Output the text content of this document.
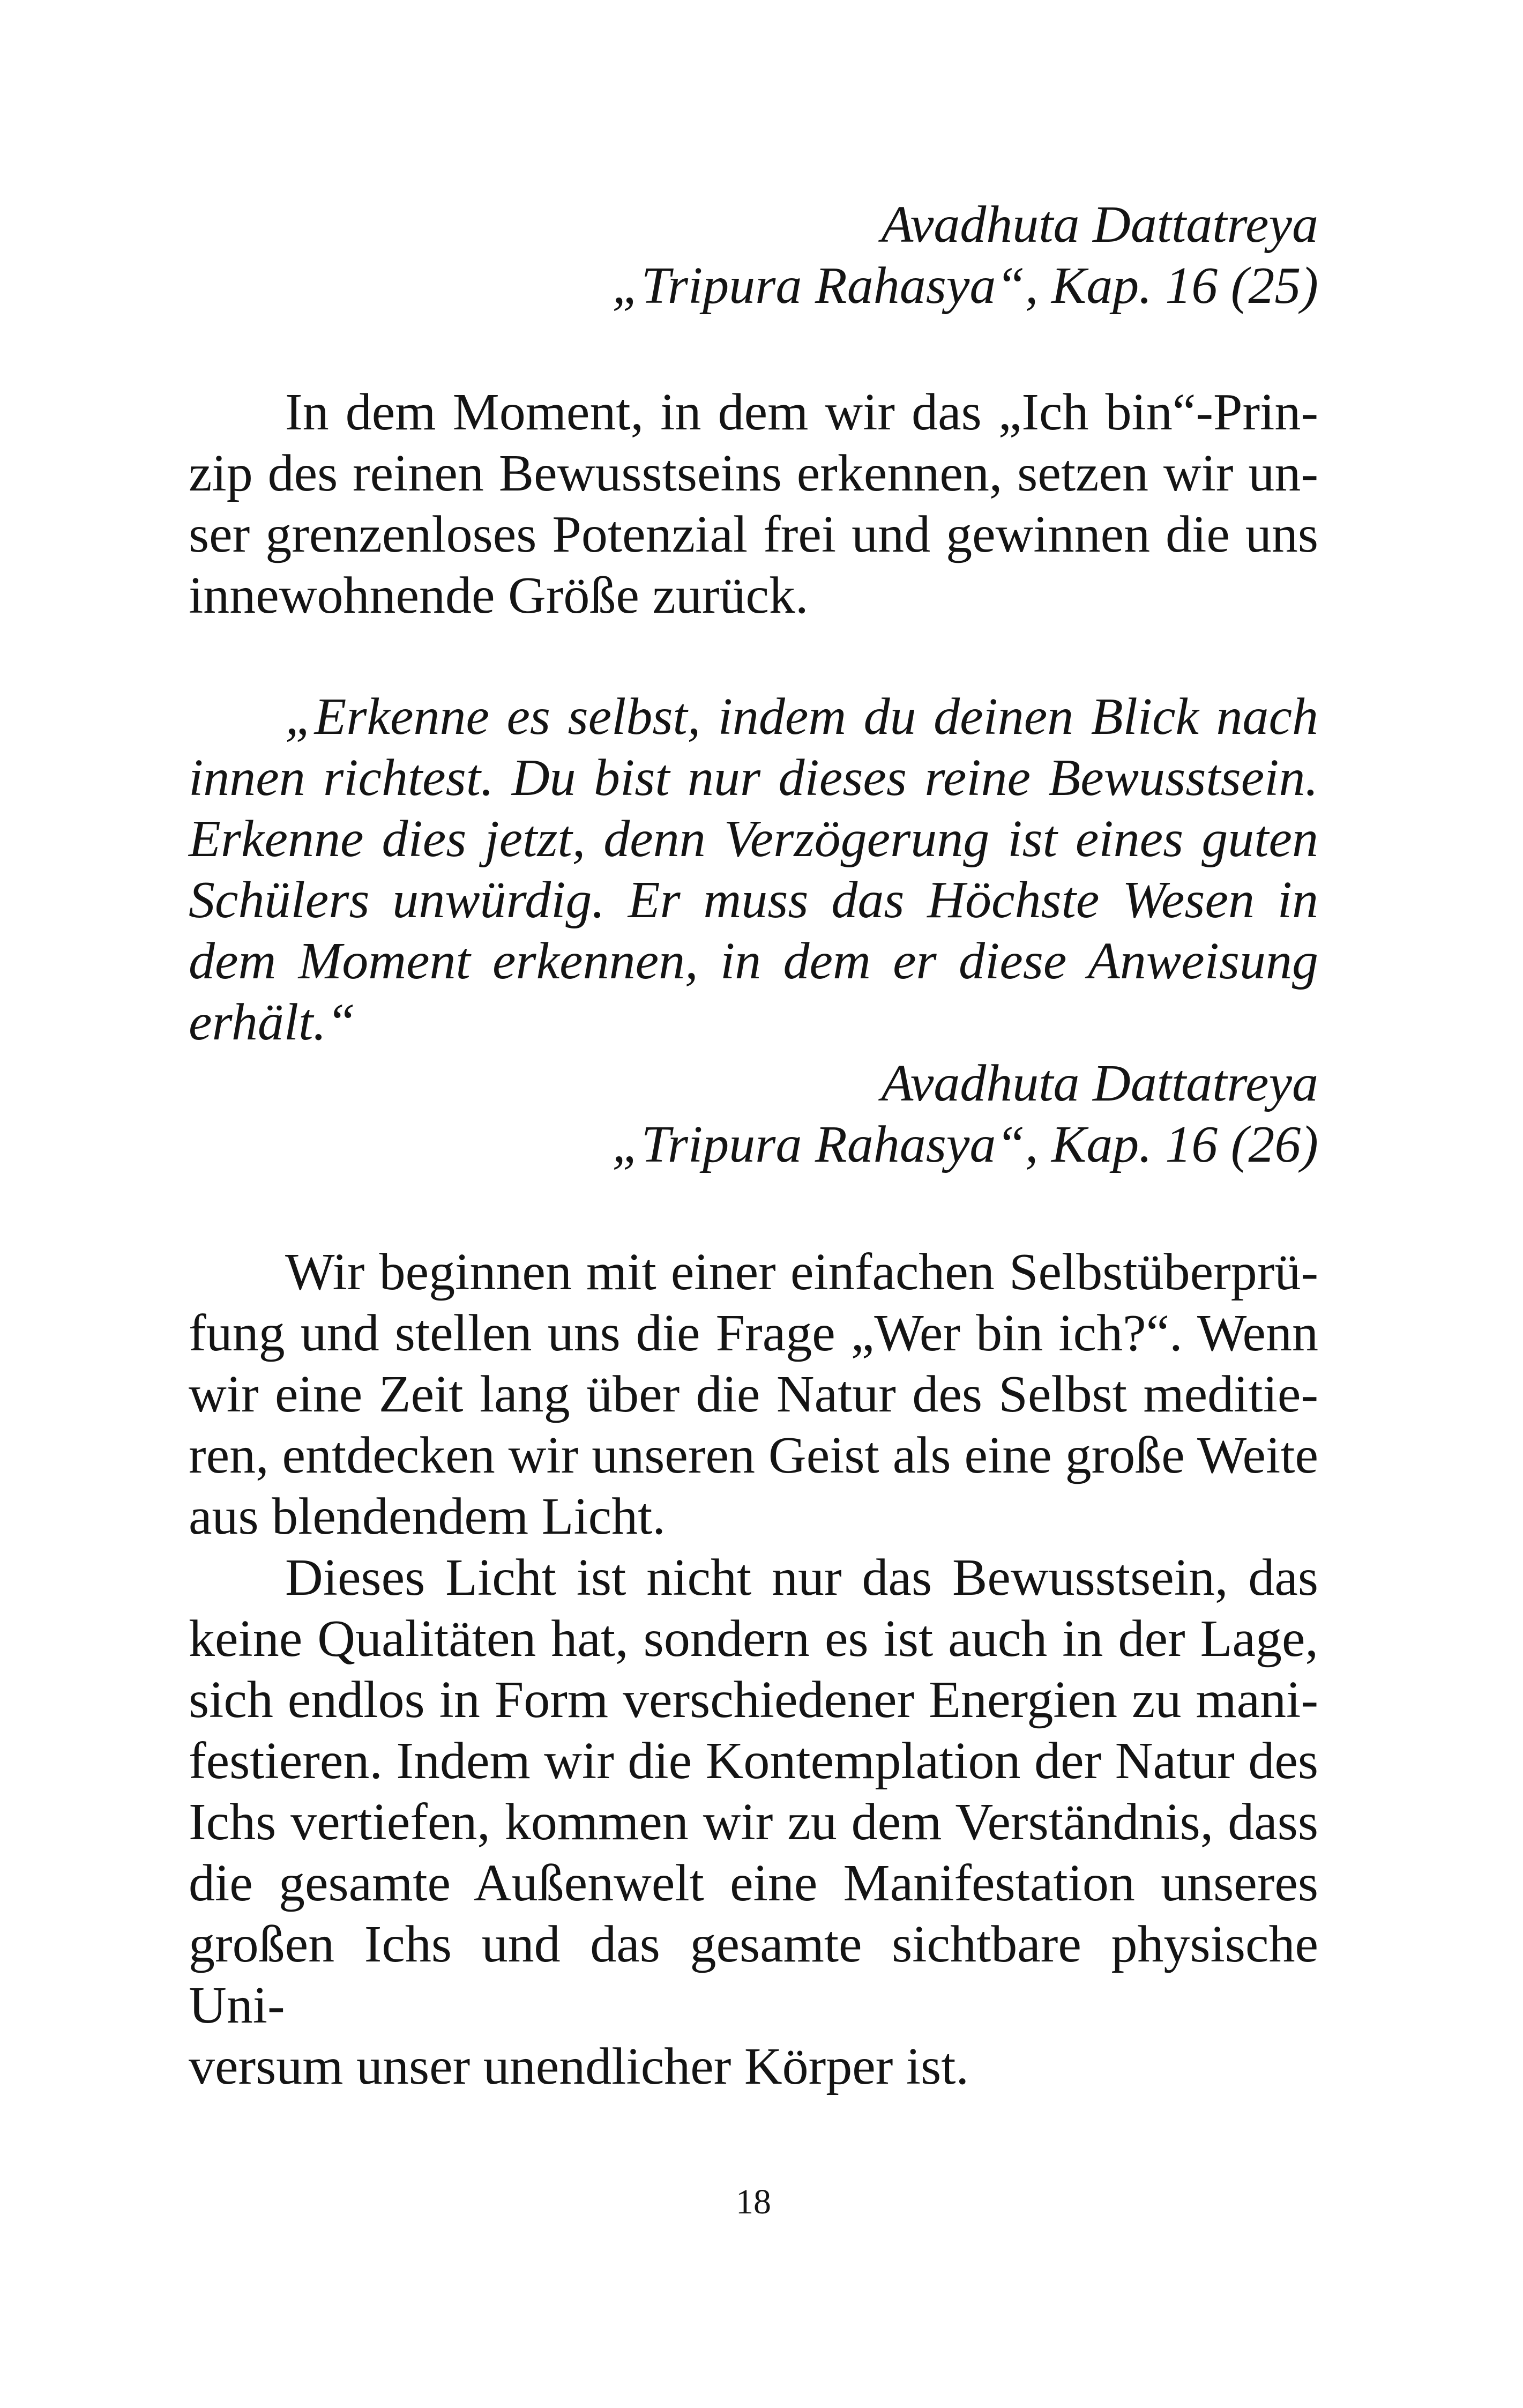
Avadhuta Dattatreya
„Tripura Rahasya“, Kap. 16 (25)
In dem Moment, in dem wir das „Ich bin“-Prin-
zip des reinen Bewusstseins erkennen, setzen wir un-
ser grenzenloses Potenzial frei und gewinnen die uns
innewohnende Größe zurück.
„Erkenne es selbst, indem du deinen Blick nach
innen richtest. Du bist nur dieses reine Bewusstsein.
Erkenne dies jetzt, denn Verzögerung ist eines guten
Schülers unwürdig. Er muss das Höchste Wesen in
dem Moment erkennen, in dem er diese Anweisung
erhält.“
Avadhuta Dattatreya
„Tripura Rahasya“, Kap. 16 (26)
Wir beginnen mit einer einfachen Selbstüberprü-
fung und stellen uns die Frage „Wer bin ich?“. Wenn
wir eine Zeit lang über die Natur des Selbst meditie-
ren, entdecken wir unseren Geist als eine große Weite
aus blendendem Licht.
Dieses Licht ist nicht nur das Bewusstsein, das
keine Qualitäten hat, sondern es ist auch in der Lage,
sich endlos in Form verschiedener Energien zu mani-
festieren. Indem wir die Kontemplation der Natur des
Ichs vertiefen, kommen wir zu dem Verständnis, dass
die gesamte Außenwelt eine Manifestation unseres
großen Ichs und das gesamte sichtbare physische Uni-
versum unser unendlicher Körper ist.
18
